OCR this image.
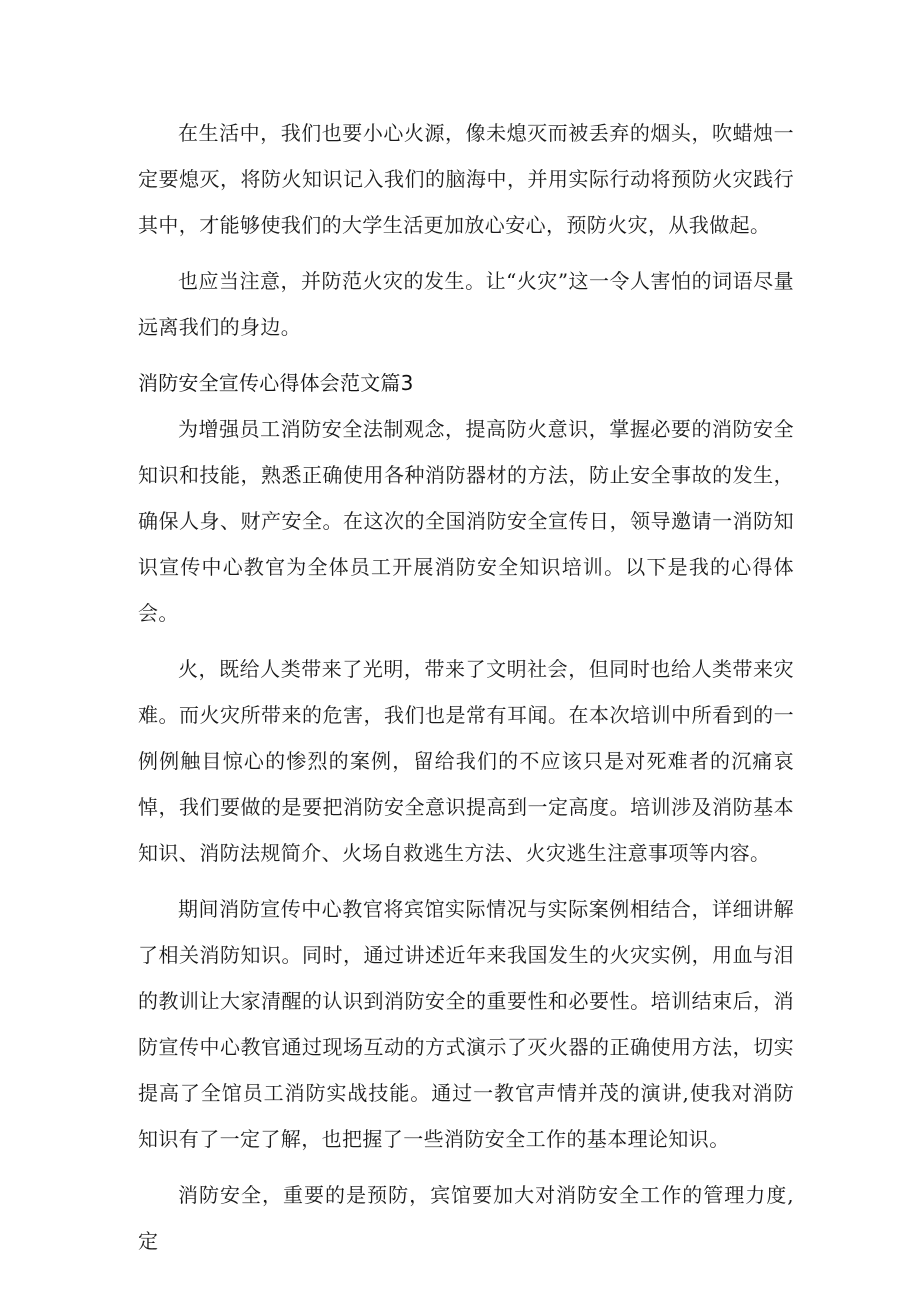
在生活中，我们也要小心火源，像未熄灭而被丢弃的烟头，吹蜡烛一定要熄灭，将防火知识记入我们的脑海中，并用实际行动将预防火灾践行其中，才能够使我们的大学生活更加放心安心，预防火灾，从我做起。

也应当注意，并防范火灾的发生。让“火灾”这一令人害怕的词语尽量远离我们的身边。

消防安全宣传心得体会范文篇3

为增强员工消防安全法制观念，提高防火意识，掌握必要的消防安全知识和技能，熟悉正确使用各种消防器材的方法，防止安全事故的发生，确保人身、财产安全。在这次的全国消防安全宣传日，领导邀请一消防知识宣传中心教官为全体员工开展消防安全知识培训。以下是我的心得体会。

火，既给人类带来了光明，带来了文明社会，但同时也给人类带来灾难。而火灾所带来的危害，我们也是常有耳闻。在本次培训中所看到的一例例触目惊心的惨烈的案例，留给我们的不应该只是对死难者的沉痛哀悼，我们要做的是要把消防安全意识提高到一定高度。培训涉及消防基本知识、消防法规简介、火场自救逃生方法、火灾逃生注意事项等内容。

期间消防宣传中心教官将宾馆实际情况与实际案例相结合，详细讲解了相关消防知识。同时，通过讲述近年来我国发生的火灾实例，用血与泪的教训让大家清醒的认识到消防安全的重要性和必要性。培训结束后，消防宣传中心教官通过现场互动的方式演示了灭火器的正确使用方法，切实提高了全馆员工消防实战技能。通过一教官声情并茂的演讲,使我对消防知识有了一定了解，也把握了一些消防安全工作的基本理论知识。

消防安全，重要的是预防，宾馆要加大对消防安全工作的管理力度,定
